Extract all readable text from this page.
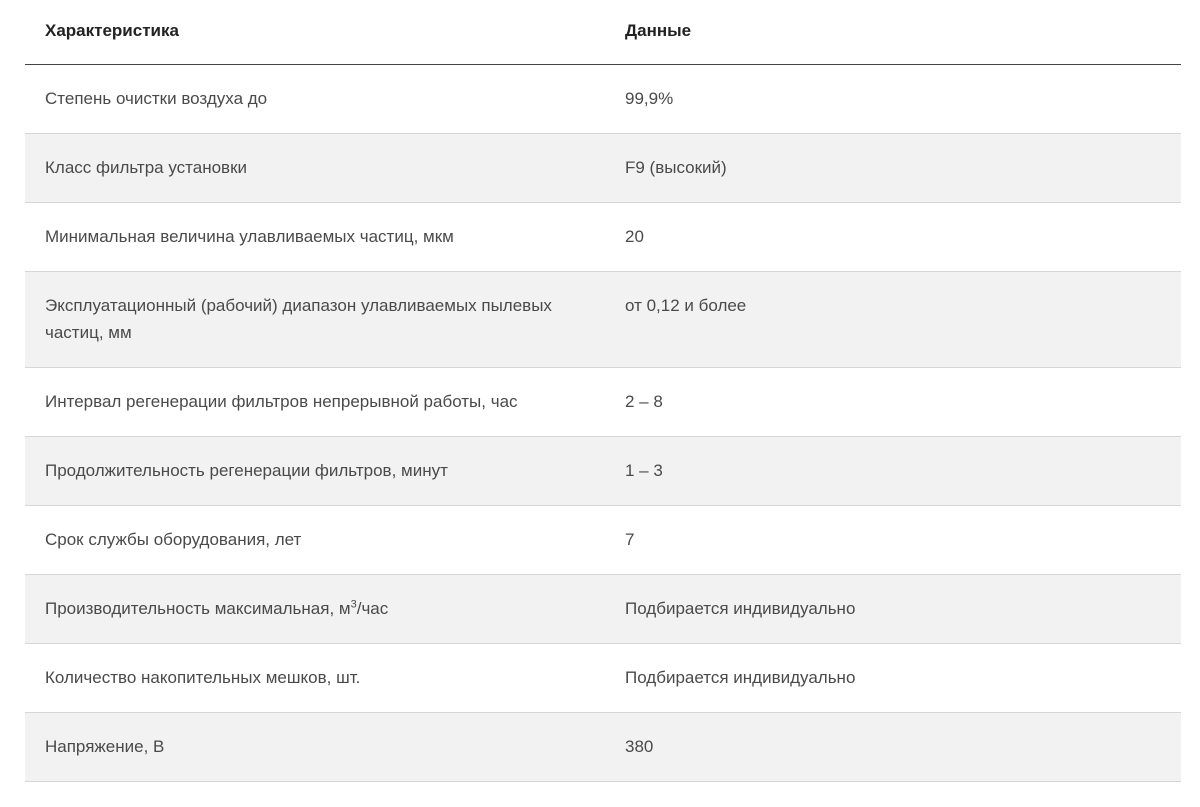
Характеристика	Данные
Степень очистки воздуха до	99,9%
Класс фильтра установки	F9 (высокий)
Минимальная величина улавливаемых частиц, мкм	20
Эксплуатационный (рабочий) диапазон улавливаемых пылевых частиц, мм	от 0,12 и более
Интервал регенерации фильтров непрерывной работы, час	2 – 8
Продолжительность регенерации фильтров, минут	1 – 3
Срок службы оборудования, лет	7
Производительность максимальная, $м^3$/час	Подбирается индивидуально
Количество накопительных мешков, шт.	Подбирается индивидуально
Напряжение, В	380
